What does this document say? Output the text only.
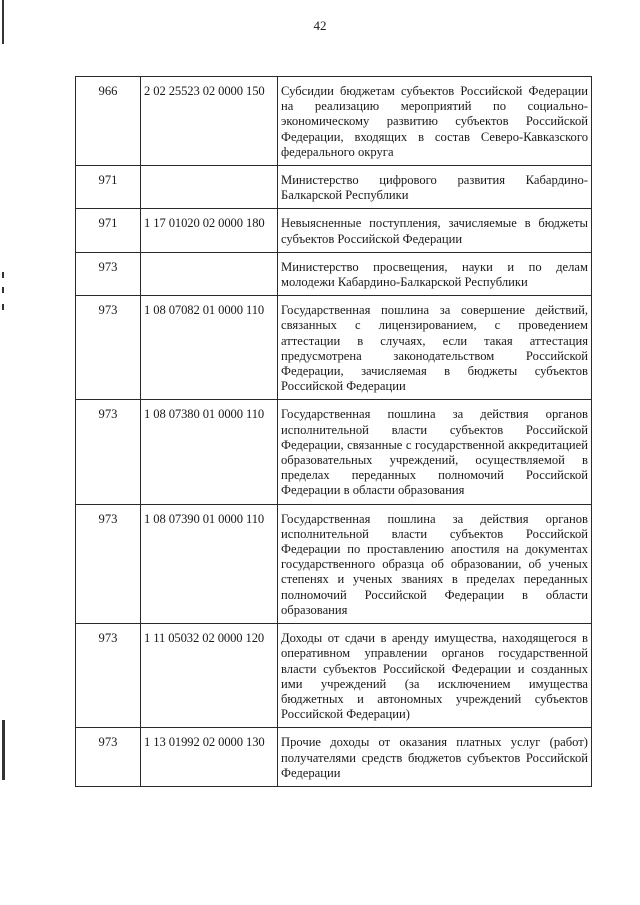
42
966	2 02 25523 02 0000 150	Субсидии бюджетам субъектов Российской Федерации на реализацию мероприятий по социально-экономическому развитию субъектов Российской Федерации, входящих в состав Северо-Кавказского федерального округа
971		Министерство цифрового развития Кабардино-Балкарской Республики
971	1 17 01020 02 0000 180	Невыясненные поступления, зачисляемые в бюджеты субъектов Российской Федерации
973		Министерство просвещения, науки и по делам молодежи Кабардино-Балкарской Республики
973	1 08 07082 01 0000 110	Государственная пошлина за совершение действий, связанных с лицензированием, с проведением аттестации в случаях, если такая аттестация предусмотрена законодательством Российской Федерации, зачисляемая в бюджеты субъектов Российской Федерации
973	1 08 07380 01 0000 110	Государственная пошлина за действия органов исполнительной власти субъектов Российской Федерации, связанные с государственной аккредитацией образовательных учреждений, осуществляемой в пределах переданных полномочий Российской Федерации в области образования
973	1 08 07390 01 0000 110	Государственная пошлина за действия органов исполнительной власти субъектов Российской Федерации по проставлению апостиля на документах государственного образца об образовании, об ученых степенях и ученых званиях в пределах переданных полномочий Российской Федерации в области образования
973	1 11 05032 02 0000 120	Доходы от сдачи в аренду имущества, находящегося в оперативном управлении органов государственной власти субъектов Российской Федерации и созданных ими учреждений (за исключением имущества бюджетных и автономных учреждений субъектов Российской Федерации)
973	1 13 01992 02 0000 130	Прочие доходы от оказания платных услуг (работ) получателями средств бюджетов субъектов Российской Федерации
